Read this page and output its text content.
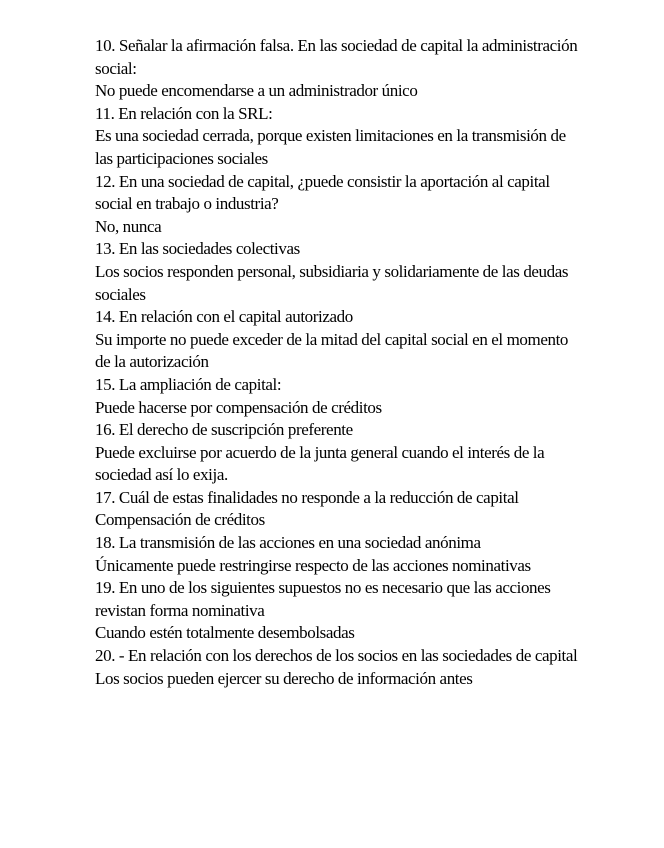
10. Señalar la afirmación falsa. En las sociedad de capital la administración social:
No puede encomendarse a un administrador único
11. En relación con la SRL:
Es una sociedad cerrada, porque existen limitaciones en la transmisión de las participaciones sociales
12. En una sociedad de capital, ¿puede consistir la aportación al capital social en trabajo o industria?
No, nunca
13. En las sociedades colectivas
Los socios responden personal, subsidiaria y solidariamente de las deudas sociales
14. En relación con el capital autorizado
Su importe no puede exceder de la mitad del capital social en el momento de la autorización
15. La ampliación de capital:
Puede hacerse por compensación de créditos
16. El derecho de suscripción preferente
Puede excluirse por acuerdo de la junta general cuando el interés de la sociedad así lo exija.
17. Cuál de estas finalidades no responde a la reducción de capital
Compensación de créditos
18. La transmisión de las acciones en una sociedad anónima
Únicamente puede restringirse respecto de las acciones nominativas
19. En uno de los siguientes supuestos no es necesario que las acciones revistan forma nominativa
Cuando estén totalmente desembolsadas
20. - En relación con los derechos de los socios en las sociedades de capital
Los socios pueden ejercer su derecho de información antes
